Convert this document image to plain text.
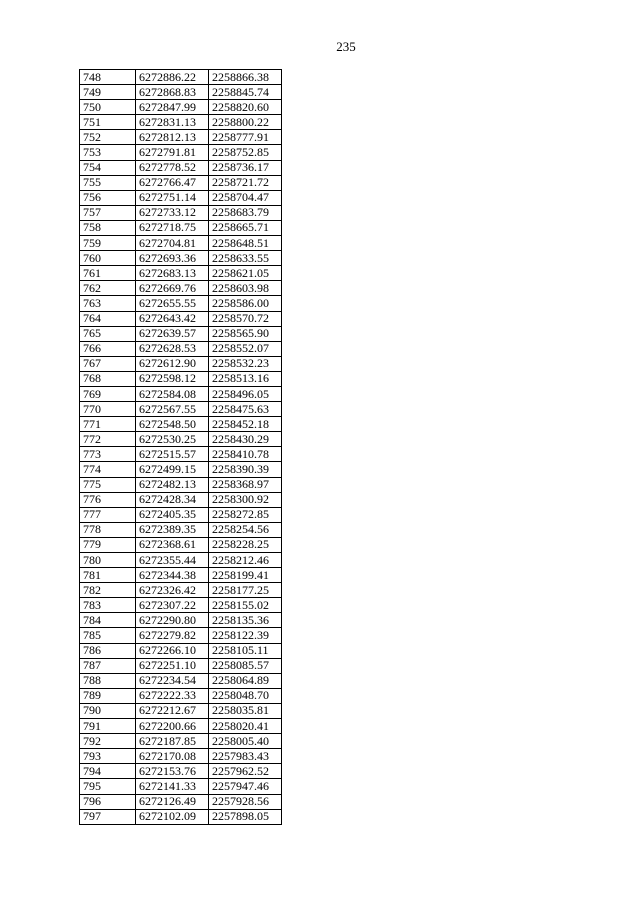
235
748	6272886.22	2258866.38
749	6272868.83	2258845.74
750	6272847.99	2258820.60
751	6272831.13	2258800.22
752	6272812.13	2258777.91
753	6272791.81	2258752.85
754	6272778.52	2258736.17
755	6272766.47	2258721.72
756	6272751.14	2258704.47
757	6272733.12	2258683.79
758	6272718.75	2258665.71
759	6272704.81	2258648.51
760	6272693.36	2258633.55
761	6272683.13	2258621.05
762	6272669.76	2258603.98
763	6272655.55	2258586.00
764	6272643.42	2258570.72
765	6272639.57	2258565.90
766	6272628.53	2258552.07
767	6272612.90	2258532.23
768	6272598.12	2258513.16
769	6272584.08	2258496.05
770	6272567.55	2258475.63
771	6272548.50	2258452.18
772	6272530.25	2258430.29
773	6272515.57	2258410.78
774	6272499.15	2258390.39
775	6272482.13	2258368.97
776	6272428.34	2258300.92
777	6272405.35	2258272.85
778	6272389.35	2258254.56
779	6272368.61	2258228.25
780	6272355.44	2258212.46
781	6272344.38	2258199.41
782	6272326.42	2258177.25
783	6272307.22	2258155.02
784	6272290.80	2258135.36
785	6272279.82	2258122.39
786	6272266.10	2258105.11
787	6272251.10	2258085.57
788	6272234.54	2258064.89
789	6272222.33	2258048.70
790	6272212.67	2258035.81
791	6272200.66	2258020.41
792	6272187.85	2258005.40
793	6272170.08	2257983.43
794	6272153.76	2257962.52
795	6272141.33	2257947.46
796	6272126.49	2257928.56
797	6272102.09	2257898.05
